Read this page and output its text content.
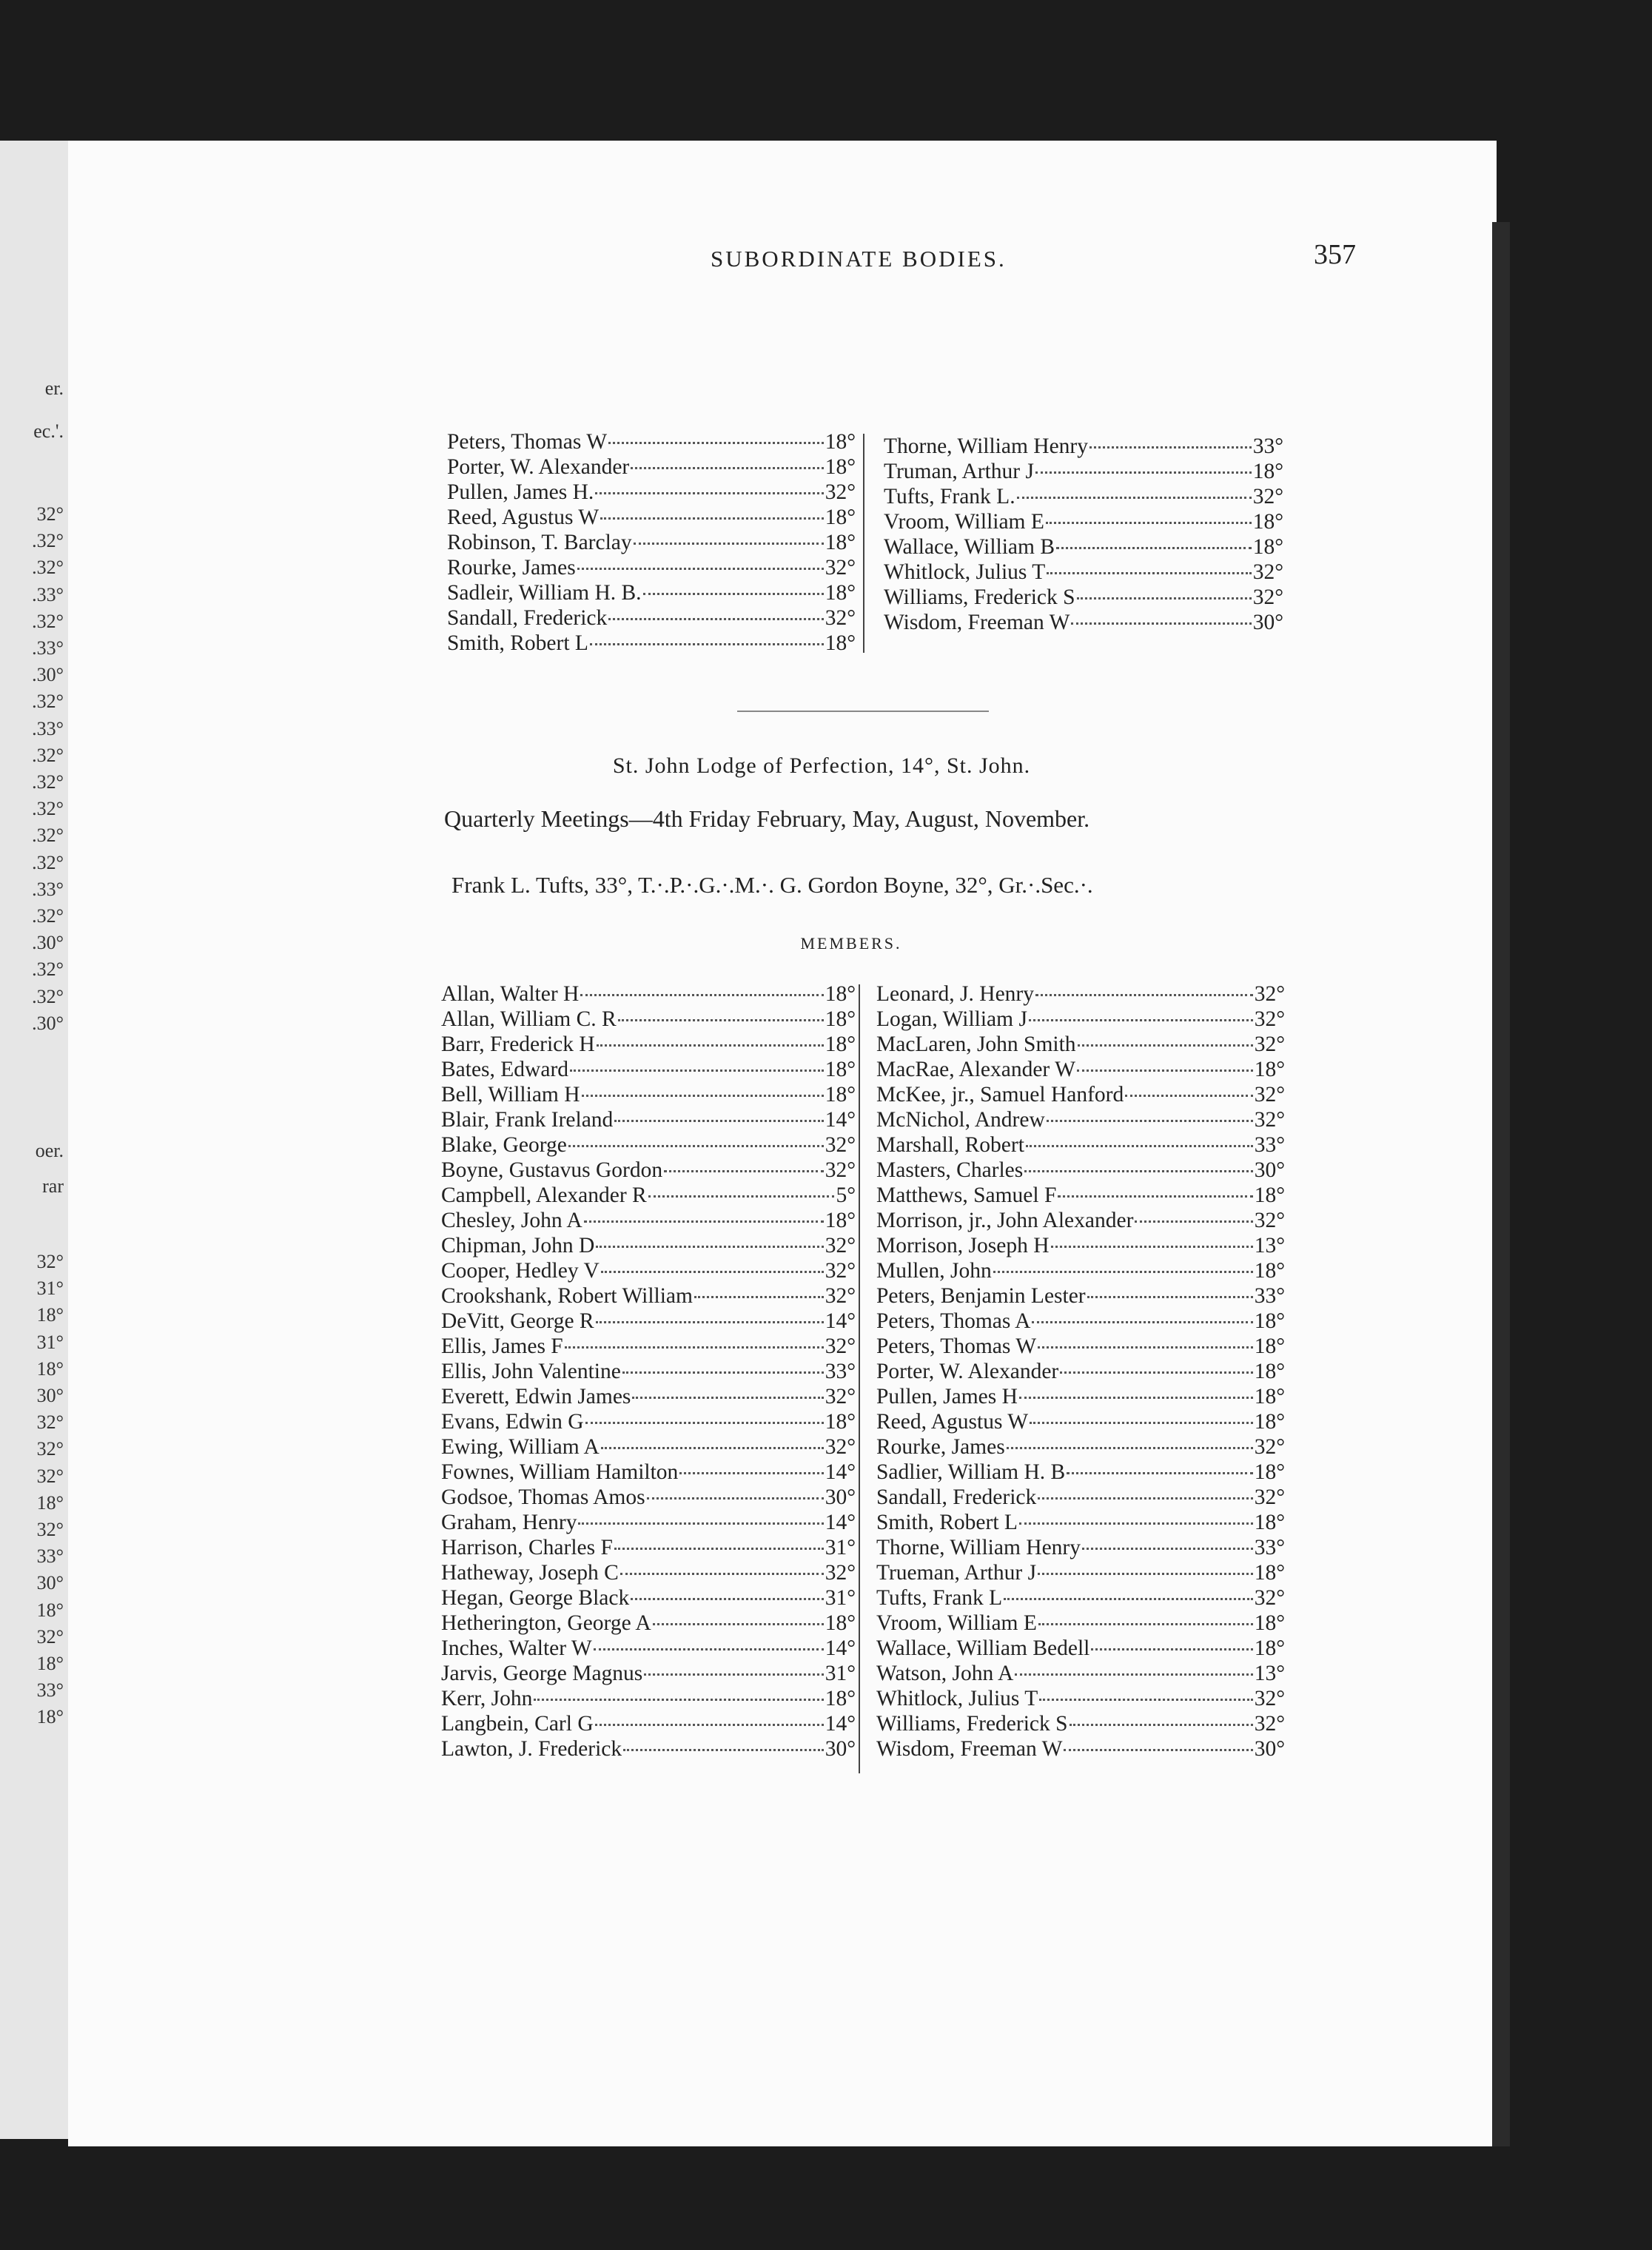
er.
ec.'.
32°
.32°
.32°
.33°
.32°
.33°
.30°
.32°
.33°
.32°
.32°
.32°
.32°
.32°
.33°
.32°
.30°
.32°
.32°
.30°
oer.
rar
32°
31°
18°
31°
18°
30°
32°
32°
32°
18°
32°
33°
30°
18°
32°
18°
33°
18°
SUBORDINATE BODIES.	357
Peters, Thomas W	18°
Porter, W. Alexander	18°
Pullen, James H.	32°
Reed, Agustus W	18°
Robinson, T. Barclay	18°
Rourke, James	32°
Sadleir, William H. B.	18°
Sandall, Frederick	32°
Smith, Robert L	18°
Thorne, William Henry	33°
Truman, Arthur J	18°
Tufts, Frank L.	32°
Vroom, William E	18°
Wallace, William B	18°
Whitlock, Julius T	32°
Williams, Frederick S	32°
Wisdom, Freeman W	30°
St. John Lodge of Perfection, 14°, St. John.
Quarterly Meetings—4th Friday February, May, August, November.
Frank L. Tufts, 33°, T.·.P.·.G.·.M.·. G. Gordon Boyne, 32°, Gr.·.Sec.·.
MEMBERS.
Allan, Walter H	18°
Allan, William C. R	18°
Barr, Frederick H	18°
Bates, Edward	18°
Bell, William H	18°
Blair, Frank Ireland	14°
Blake, George	32°
Boyne, Gustavus Gordon	32°
Campbell, Alexander R	5°
Chesley, John A	18°
Chipman, John D	32°
Cooper, Hedley V	32°
Crookshank, Robert William	32°
DeVitt, George R	14°
Ellis, James F	32°
Ellis, John Valentine	33°
Everett, Edwin James	32°
Evans, Edwin G	18°
Ewing, William A	32°
Fownes, William Hamilton	14°
Godsoe, Thomas Amos	30°
Graham, Henry	14°
Harrison, Charles F	31°
Hatheway, Joseph C	32°
Hegan, George Black	31°
Hetherington, George A	18°
Inches, Walter W	14°
Jarvis, George Magnus	31°
Kerr, John	18°
Langbein, Carl G	14°
Lawton, J. Frederick	30°
Leonard, J. Henry	32°
Logan, William J	32°
MacLaren, John Smith	32°
MacRae, Alexander W	18°
McKee, jr., Samuel Hanford	32°
McNichol, Andrew	32°
Marshall, Robert	33°
Masters, Charles	30°
Matthews, Samuel F	18°
Morrison, jr., John Alexander	32°
Morrison, Joseph H	13°
Mullen, John	18°
Peters, Benjamin Lester	33°
Peters, Thomas A	18°
Peters, Thomas W	18°
Porter, W. Alexander	18°
Pullen, James H	18°
Reed, Agustus W	18°
Rourke, James	32°
Sadlier, William H. B	18°
Sandall, Frederick	32°
Smith, Robert L	18°
Thorne, William Henry	33°
Trueman, Arthur J	18°
Tufts, Frank L	32°
Vroom, William E	18°
Wallace, William Bedell	18°
Watson, John A	13°
Whitlock, Julius T	32°
Williams, Frederick S	32°
Wisdom, Freeman W	30°
